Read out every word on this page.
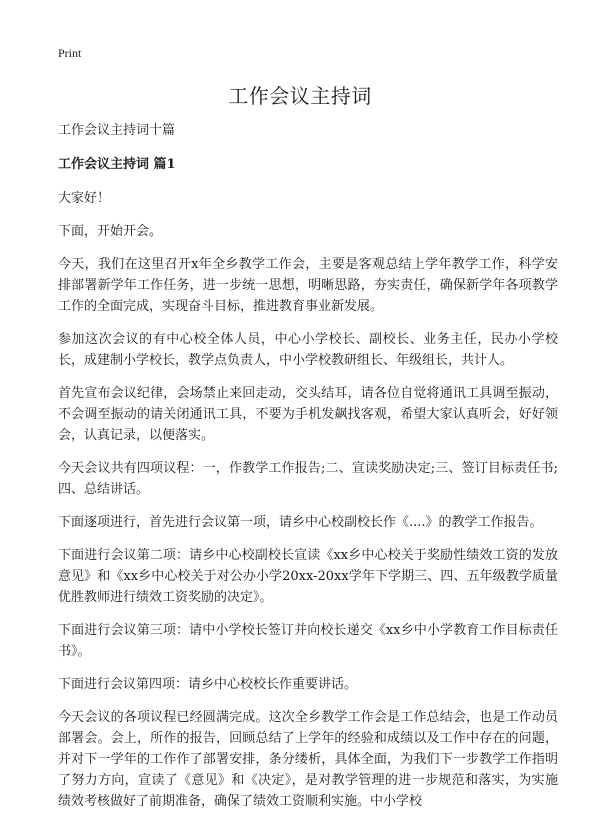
Print
工作会议主持词

工作会议主持词十篇

工作会议主持词 篇1

大家好！

下面，开始开会。

今天，我们在这里召开x年全乡教学工作会，主要是客观总结上学年教学工作，科学安排部署新学年工作任务，进一步统一思想，明晰思路，夯实责任，确保新学年各项教学工作的全面完成，实现奋斗目标，推进教育事业新发展。

参加这次会议的有中心校全体人员，中心小学校长、副校长、业务主任，民办小学校长，成建制小学校长，教学点负责人，中小学校教研组长、年级组长，共计人。

首先宣布会议纪律，会场禁止来回走动，交头结耳，请各位自觉将通讯工具调至振动，不会调至振动的请关闭通讯工具，不要为手机发飙找客观，希望大家认真听会，好好领会，认真记录，以便落实。

今天会议共有四项议程：一，作教学工作报告;二、宣读奖励决定;三、签订目标责任书;四、总结讲话。

下面逐项进行，首先进行会议第一项，请乡中心校副校长作《....》的教学工作报告。

下面进行会议第二项：请乡中心校副校长宣读《xx乡中心校关于奖励性绩效工资的发放意见》和《xx乡中心校关于对公办小学20xx-20xx学年下学期三、四、五年级教学质量优胜教师进行绩效工资奖励的决定》。

下面进行会议第三项：请中小学校长签订并向校长递交《xx乡中小学教育工作目标责任书》。

下面进行会议第四项：请乡中心校校长作重要讲话。

今天会议的各项议程已经圆满完成。这次全乡教学工作会是工作总结会，也是工作动员部署会。会上，所作的报告，回顾总结了上学年的经验和成绩以及工作中存在的问题，并对下一学年的工作作了部署安排，条分缕析，具体全面，为我们下一步教学工作指明了努力方向，宣读了《意见》和《决定》，是对教学管理的进一步规范和落实，为实施绩效考核做好了前期准备，确保了绩效工资顺利实施。中小学校
